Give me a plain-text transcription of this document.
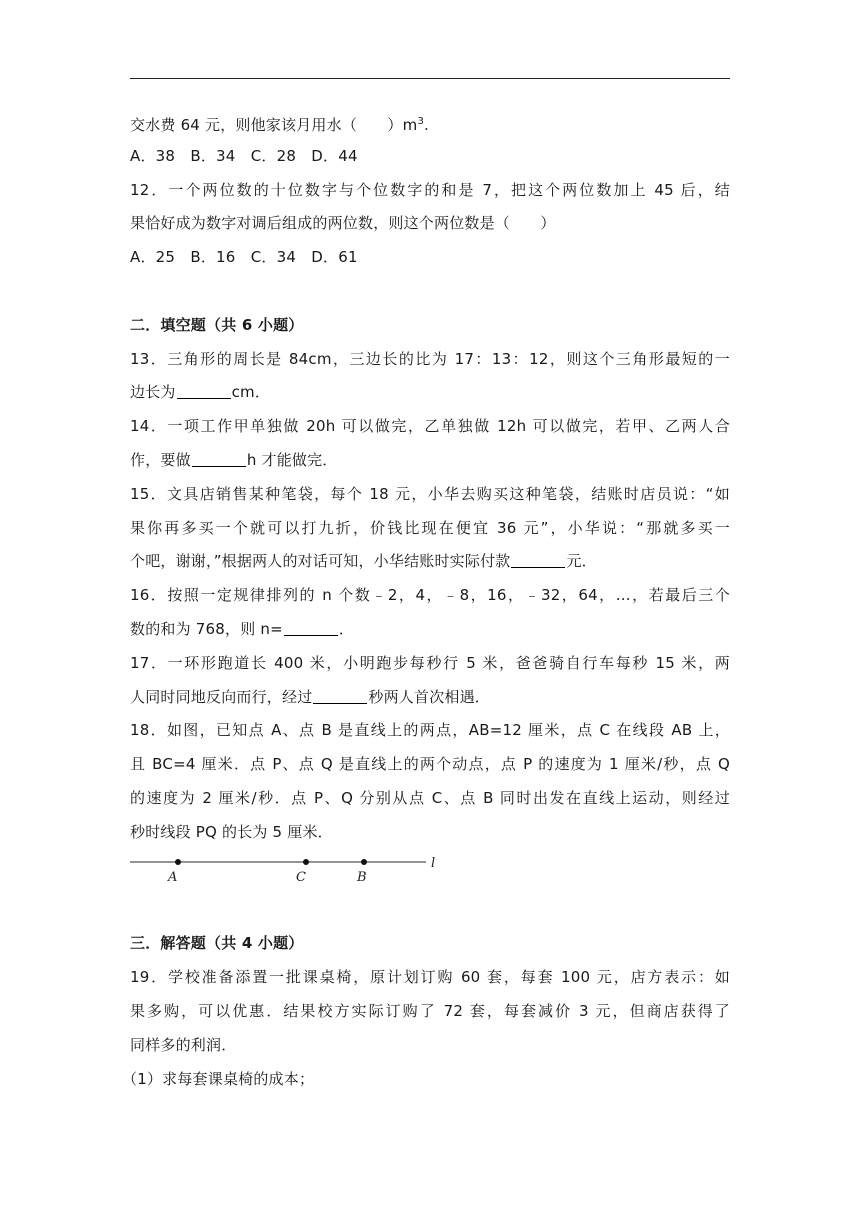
交水费 64 元，则他家该月用水（　　）$m^3$.
A．38　B．34　C．28　D．44
12．一个两位数的十位数字与个位数字的和是 7，把这个两位数加上 45 后，结
果恰好成为数字对调后组成的两位数，则这个两位数是（　　）
A．25　B．16　C．34　D．61
二．填空题（共 6 小题）
13．三角形的周长是 84cm，三边长的比为 17：13：12，则这个三角形最短的一
边长为	cm．
14．一项工作甲单独做 20h 可以做完，乙单独做 12h 可以做完，若甲、乙两人合
作，要做	h 才能做完．
15．文具店销售某种笔袋，每个 18 元，小华去购买这种笔袋，结账时店员说：“如
果你再多买一个就可以打九折，价钱比现在便宜 36 元”，小华说：“那就多买一
个吧，谢谢，”根据两人的对话可知，小华结账时实际付款	元．
16．按照一定规律排列的 n 个数﹣2，4，﹣8，16，﹣32，64，…，若最后三个
数的和为 768，则 n=	．
17．一环形跑道长 400 米，小明跑步每秒行 5 米，爸爸骑自行车每秒 15 米，两
人同时同地反向而行，经过	秒两人首次相遇．
18．如图，已知点 A、点 B 是直线上的两点，AB=12 厘米，点 C 在线段 AB 上，
且 BC=4 厘米．点 P、点 Q 是直线上的两个动点，点 P 的速度为 1 厘米/秒，点 Q
的速度为 2 厘米/秒．点 P、Q 分别从点 C、点 B 同时出发在直线上运动，则经过
秒时线段 PQ 的长为 5 厘米．
A	C	B
l
三．解答题（共 4 小题）
19．学校准备添置一批课桌椅，原计划订购 60 套，每套 100 元，店方表示：如
果多购，可以优惠．结果校方实际订购了 72 套，每套减价 3 元，但商店获得了
同样多的利润．
（1）求每套课桌椅的成本；
